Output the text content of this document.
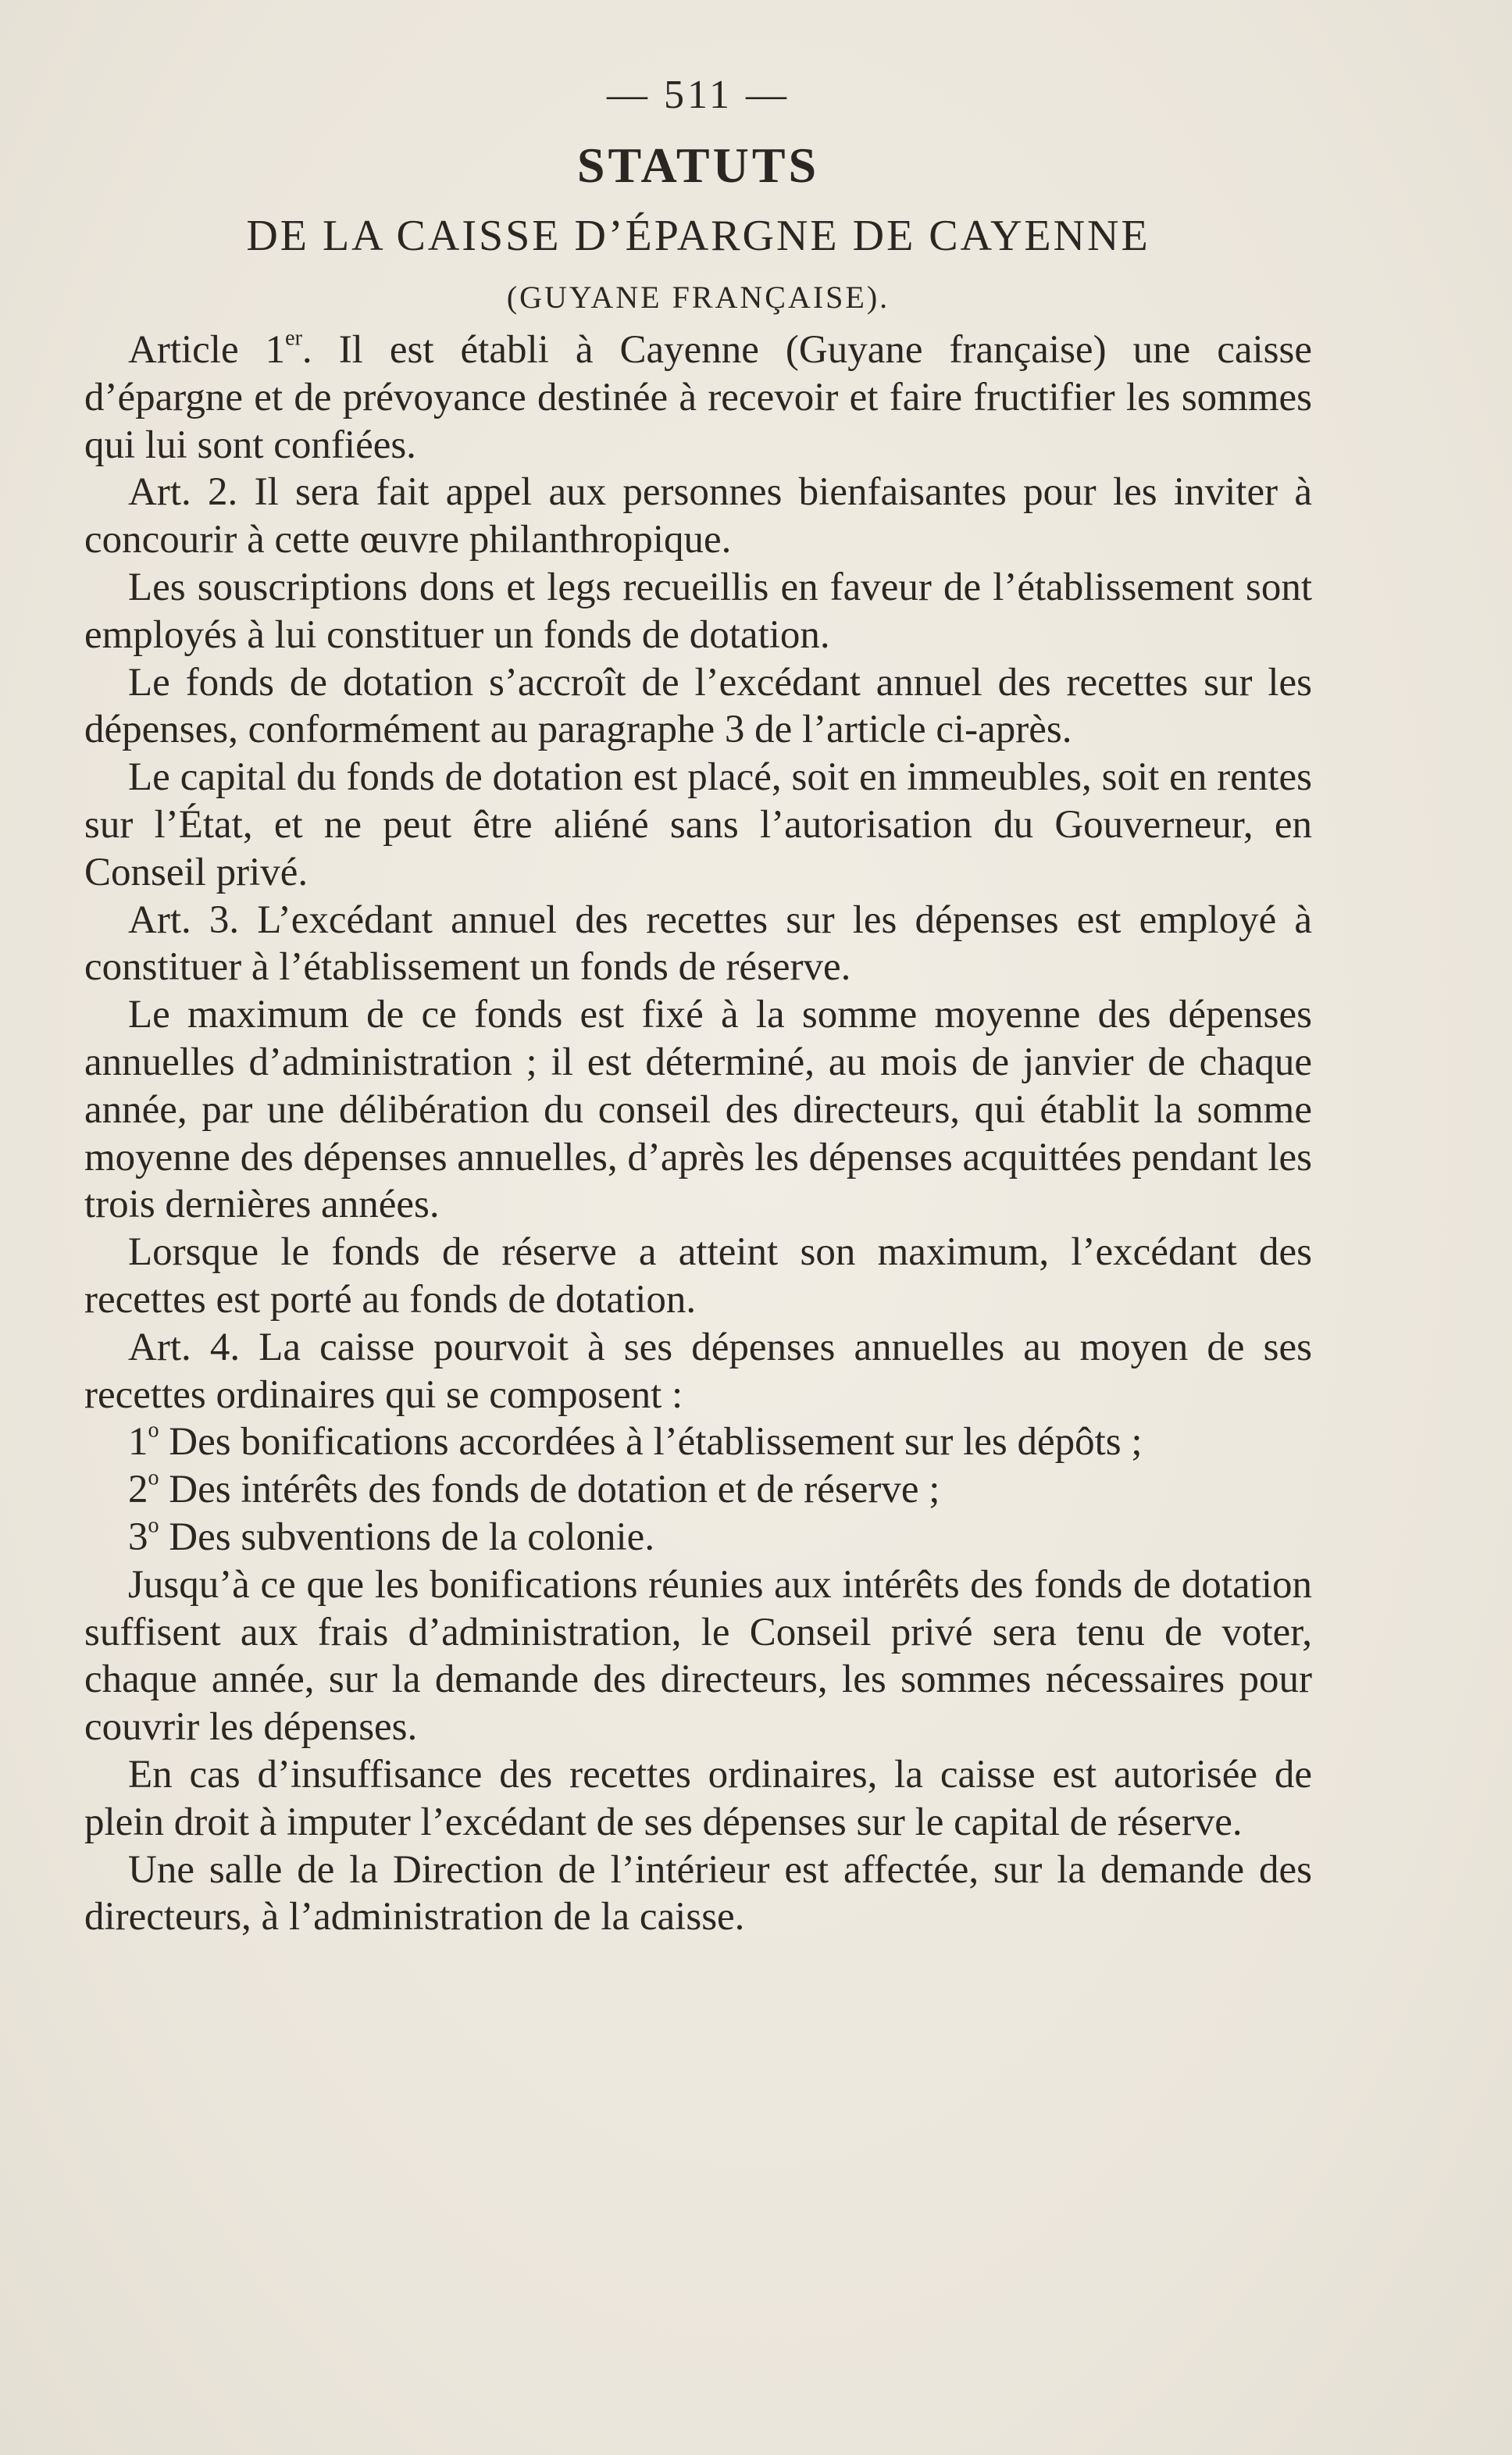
— 511 —
STATUTS
DE LA CAISSE D’ÉPARGNE DE CAYENNE
(GUYANE FRANÇAISE).

Article 1er. Il est établi à Cayenne (Guyane française) une caisse d’épargne et de prévoyance destinée à recevoir et faire fructifier les sommes qui lui sont confiées.

Art. 2. Il sera fait appel aux personnes bienfaisantes pour les inviter à concourir à cette œuvre philanthropique.

Les souscriptions dons et legs recueillis en faveur de l’établissement sont employés à lui constituer un fonds de dotation.

Le fonds de dotation s’accroît de l’excédant annuel des recettes sur les dépenses, conformément au paragraphe 3 de l’article ci-après.

Le capital du fonds de dotation est placé, soit en immeubles, soit en rentes sur l’État, et ne peut être aliéné sans l’autorisation du Gouverneur, en Conseil privé.

Art. 3. L’excédant annuel des recettes sur les dépenses est employé à constituer à l’établissement un fonds de réserve.

Le maximum de ce fonds est fixé à la somme moyenne des dépenses annuelles d’administration ; il est déterminé, au mois de janvier de chaque année, par une délibération du conseil des directeurs, qui établit la somme moyenne des dépenses annuelles, d’après les dépenses acquittées pendant les trois dernières années.

Lorsque le fonds de réserve a atteint son maximum, l’excédant des recettes est porté au fonds de dotation.

Art. 4. La caisse pourvoit à ses dépenses annuelles au moyen de ses recettes ordinaires qui se composent :

1$^o$ Des bonifications accordées à l’établissement sur les dépôts ;

2$^o$ Des intérêts des fonds de dotation et de réserve ;

3$^o$ Des subventions de la colonie.

Jusqu’à ce que les bonifications réunies aux intérêts des fonds de dotation suffisent aux frais d’administration, le Conseil privé sera tenu de voter, chaque année, sur la demande des directeurs, les sommes nécessaires pour couvrir les dépenses.

En cas d’insuffisance des recettes ordinaires, la caisse est autorisée de plein droit à imputer l’excédant de ses dépenses sur le capital de réserve.

Une salle de la Direction de l’intérieur est affectée, sur la demande des directeurs, à l’administration de la caisse.
